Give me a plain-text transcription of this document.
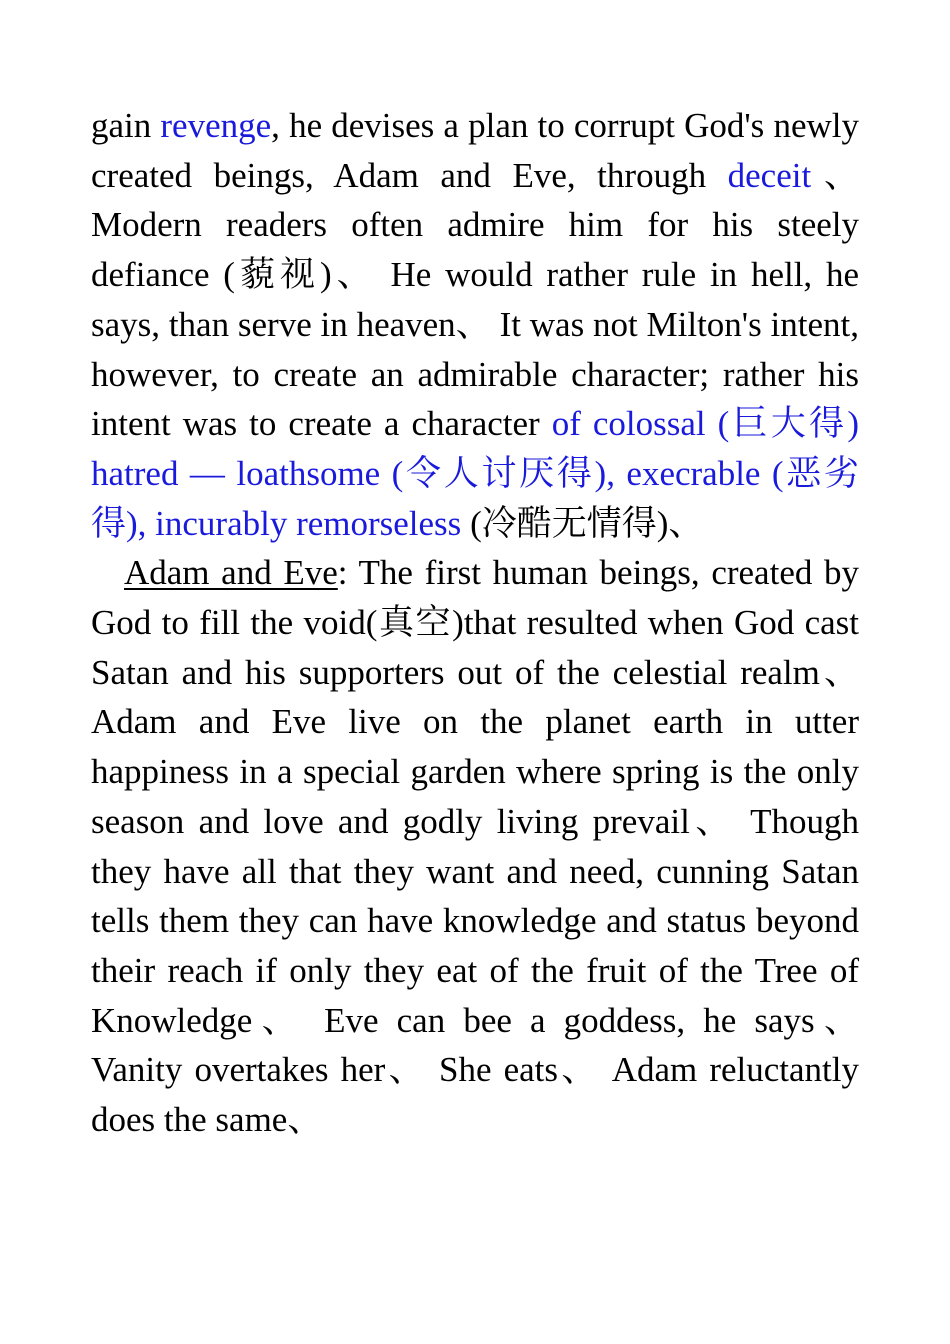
gain revenge, he devises a plan to corrupt God's newly created beings, Adam and Eve, through deceit、 Modern readers often admire him for his steely defiance (藐视)、 He would rather rule in hell, he says, than serve in heaven、 It was not Milton's intent, however, to create an admirable character; rather his intent was to create a character of colossal (巨大得) hatred — loathsome (令人讨厌得), execrable (恶劣得), incurably remorseless (冷酷无情得)、

Adam and Eve: The first human beings, created by God to fill the void(真空)that resulted when God cast Satan and his supporters out of the celestial realm、 Adam and Eve live on the planet earth in utter happiness in a special garden where spring is the only season and love and godly living prevail、 Though they have all that they want and need, cunning Satan tells them they can have knowledge and status beyond their reach if only they eat of the fruit of the Tree of Knowledge、 Eve can bee a goddess, he says、 Vanity overtakes her、 She eats、 Adam reluctantly does the same、
